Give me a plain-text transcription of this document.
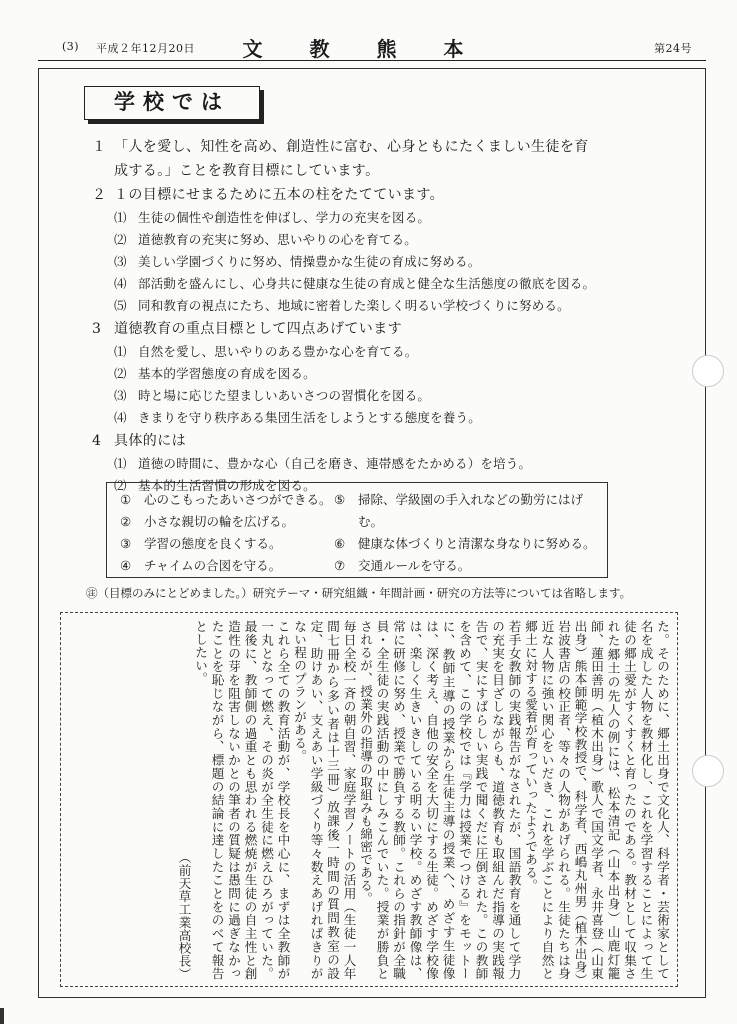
(3) 平成２年12月20日 文 教 熊 本	第24号
学校では
１ 「人を愛し、知性を高め、創造性に富む、心身ともにたくましい生徒を育
成する。」ことを教育目標にしています。
２ １の目標にせまるために五本の柱をたてています。
⑴ 生徒の個性や創造性を伸ばし、学力の充実を図る。
⑵ 道徳教育の充実に努め、思いやりの心を育てる。
⑶ 美しい学園づくりに努め、情操豊かな生徒の育成に努める。
⑷ 部活動を盛んにし、心身共に健康な生徒の育成と健全な生活態度の徹底を図る。
⑸ 同和教育の視点にたち、地域に密着した楽しく明るい学校づくりに努める。
3 道徳教育の重点目標として四点あげています
⑴ 自然を愛し、思いやりのある豊かな心を育てる。
⑵ 基本的学習態度の育成を図る。
⑶ 時と場に応じた望ましいあいさつの習慣化を図る。
⑷ きまりを守り秩序ある集団生活をしようとする態度を養う。
4 具体的には
⑴ 道徳の時間に、豊かな心（自己を磨き、連帯感をたかめる）を培う。
⑵ 基本的生活習慣の形成を図る。
① 心のこもったあいさつができる。
② 小さな親切の輪を広げる。
③ 学習の態度を良くする。
④ チャイムの合図を守る。
⑤ 掃除、学級園の手入れなどの勤労にはげ
む。
⑥ 健康な体づくりと清潔な身なりに努める。
⑦ 交通ルールを守る。
㊟（目標のみにとどめました。）研究テーマ・研究組織・年間計画・研究の方法等については省略します。

た。そのために、郷土出身で文化人、科学者・芸術家として名を成した人物を教材化し、これを学習することによって生徒の郷土愛がすくすくと育ったのである。教材として収集された郷土の先人の例には、松本清記（山本出身）山鹿灯籠師、蓮田善明（植木出身）歌人で国文学者、永井喜登（山東出身）熊本師範学校教授で、科学者、西嶋丸州男（植木出身）岩波書店の校正者、等々の人物があげられる。生徒たちは身近な人物に強い関心をいだき、これを学ぶことにより自然と郷土に対する愛着が育っていったようである。

若手女教師の実践報告がなされたが、国語教育を通して学力の充実を目ざしながらも、道徳教育も取組んだ指導の実践報告で、実にすばらしい実践で聞くだに圧倒された。この教師を含めて、この学校では『学力は授業でつける』をモットーに、教師主導の授業から生徒主導の授業へ、めざす生徒像は、深く考え、自他の安全を大切にする生徒。めざす学校像は、楽しく生きいきしている明るい学校。めざす教師像は、常に研修に努め、授業で勝負する教師。これらの指針が全職員・全生徒の実践活動の中にしみこんでいた。授業が勝負とされるが、授業外の指導の取組みも綿密である。

毎日全校一斉の朝自習、家庭学習ノートの活用（生徒一人年間七冊から多い者は十三冊）放課後一時間の質問教室の設定、助けあい、支えあい学級づくり等々数えあげればきりがない程のプランがある。

これら全ての教育活動が、学校長を中心に、まずは全教師が一丸となって燃え、その炎が全生徒に燃えひろがっていた。最後に、教師側の過重とも思われる燃焼が生徒の自主性と創造性の芽を阻害しないかとの筆者の質疑は愚問に過ぎなかったことを恥じながら、標題の結論に達したことをのべて報告としたい。

（前天草工業高校長）
